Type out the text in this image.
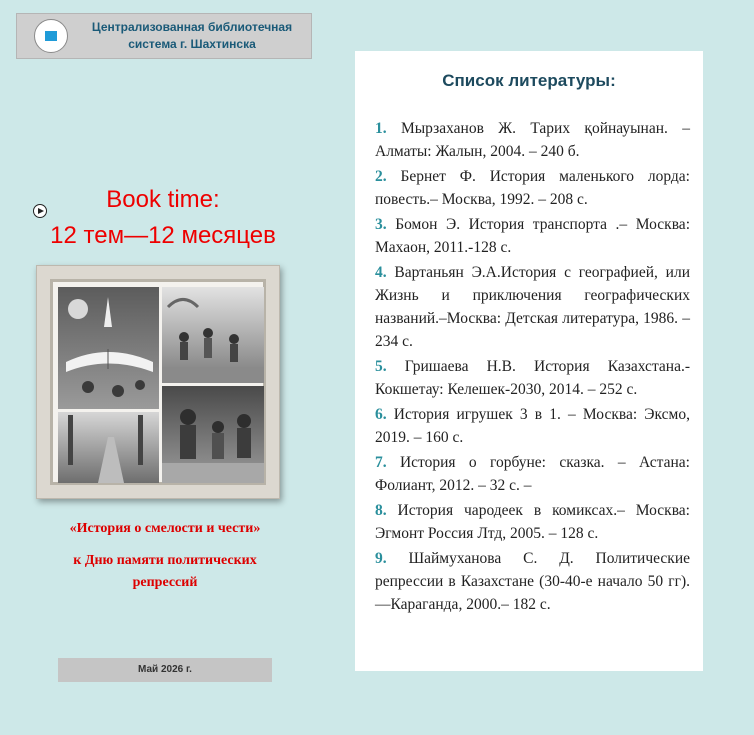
Централизованная библиотечная
система г. Шахтинска
Book time:
12 тем—12 месяцев
«История о смелости и чести»
к Дню памяти политических
репрессий
Май 2026 г.
Список литературы:
1. Мырзаханов Ж. Тарих қойнауынан. – Алматы: Жалын, 2004. – 240 б.
2. Бернет Ф. История маленького лорда: повесть.– Москва, 1992. – 208 с.
3. Бомон Э. История транспорта .– Москва: Махаон, 2011.-128 с.
4. Вартаньян Э.А.История с географией, или Жизнь и приключения географических названий.–Москва: Детская литература, 1986. – 234 с.
5. Гришаева Н.В. История Казахстана.- Кокшетау: Келешек-2030, 2014. – 252 с.
6. История игрушек 3 в 1. – Москва: Эксмо, 2019. – 160 с.
7. История о горбуне: сказка. – Астана: Фолиант, 2012. – 32 с. –
8. История чародеек в комиксах.– Москва: Эгмонт Россия Лтд, 2005. – 128 с.
9. Шаймуханова С. Д. Политические репрессии в Казахстане (30-40-е начало 50 гг).—Караганда, 2000.– 182 с.
